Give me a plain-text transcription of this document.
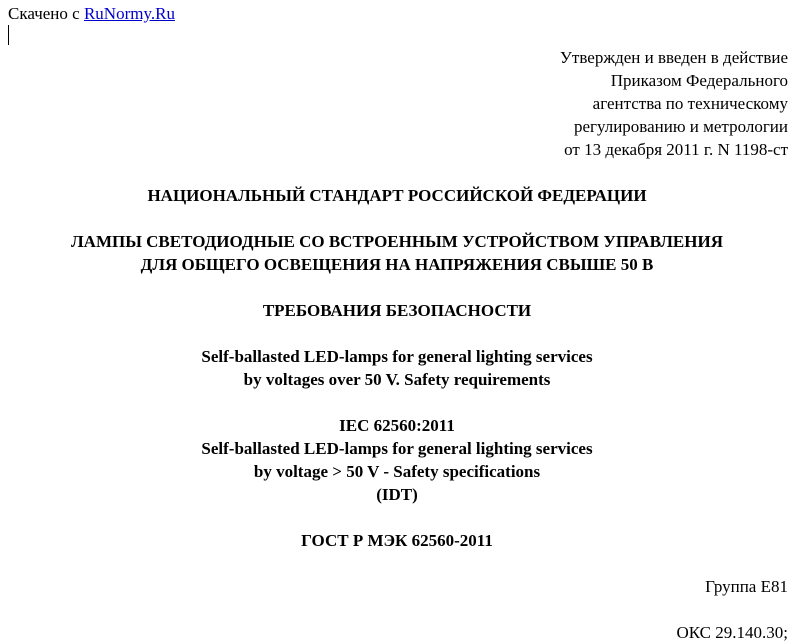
Скачено с RuNormy.Ru
Утвержден и введен в действие
Приказом Федерального
агентства по техническому
регулированию и метрологии
от 13 декабря 2011 г. N 1198-ст
НАЦИОНАЛЬНЫЙ СТАНДАРТ РОССИЙСКОЙ ФЕДЕРАЦИИ
ЛАМПЫ СВЕТОДИОДНЫЕ СО ВСТРОЕННЫМ УСТРОЙСТВОМ УПРАВЛЕНИЯ
ДЛЯ ОБЩЕГО ОСВЕЩЕНИЯ НА НАПРЯЖЕНИЯ СВЫШЕ 50 В
ТРЕБОВАНИЯ БЕЗОПАСНОСТИ
Self-ballasted LED-lamps for general lighting services
by voltages over 50 V. Safety requirements
IEC 62560:2011
Self-ballasted LED-lamps for general lighting services
by voltage > 50 V - Safety specifications
(IDT)
ГОСТ Р МЭК 62560-2011
Группа Е81
ОКС 29.140.30;
